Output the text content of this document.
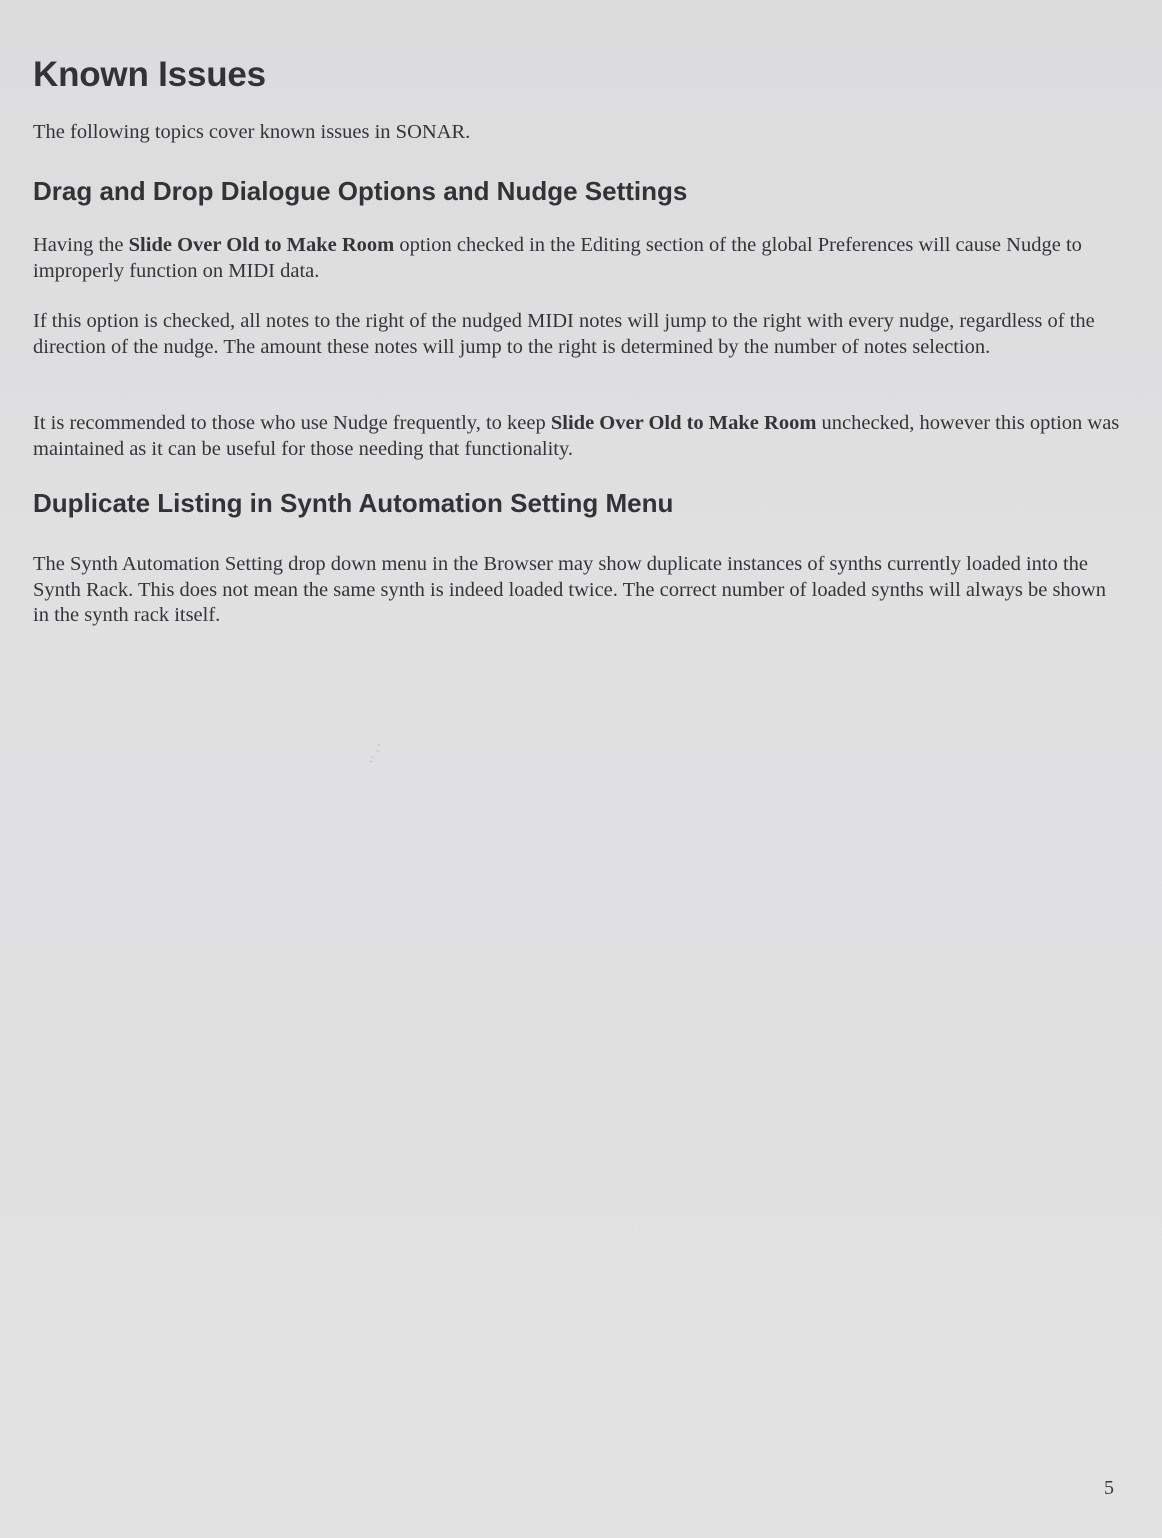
Known Issues

The following topics cover known issues in SONAR.

Drag and Drop Dialogue Options and Nudge Settings

Having the Slide Over Old to Make Room option checked in the Editing section of the global Preferences will cause Nudge to improperly function on MIDI data.

If this option is checked, all notes to the right of the nudged MIDI notes will jump to the right with every nudge, regardless of the direction of the nudge. The amount these notes will jump to the right is determined by the number of notes selection.

It is recommended to those who use Nudge frequently, to keep Slide Over Old to Make Room unchecked, however this option was maintained as it can be useful for those needing that functionality.

Duplicate Listing in Synth Automation Setting Menu

The Synth Automation Setting drop down menu in the Browser may show duplicate instances of synths currently loaded into the Synth Rack. This does not mean the same synth is indeed loaded twice. The correct number of loaded synths will always be shown in the synth rack itself.

5
